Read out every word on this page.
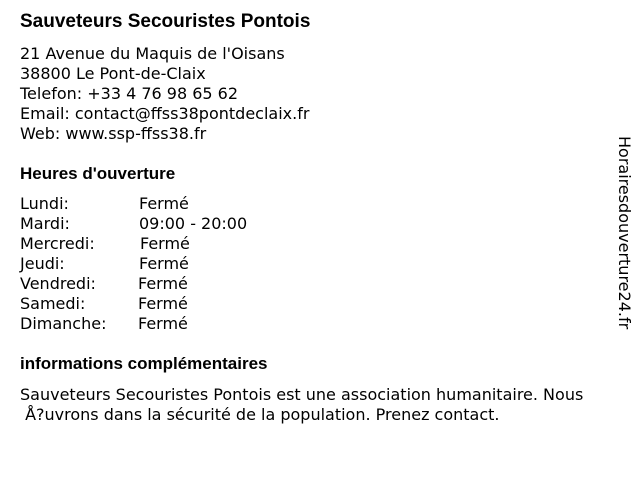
Sauveteurs Secouristes Pontois
21 Avenue du Maquis de l'Oisans
38800 Le Pont-de-Claix
Telefon: +33 4 76 98 65 62
Email: contact@ffss38pontdeclaix.fr
Web: www.ssp-ffss38.fr
Heures d'ouverture
Lundi:	Fermé
Mardi:	09:00 - 20:00
Mercredi:	Fermé
Jeudi:	Fermé
Vendredi:	Fermé
Samedi:	Fermé
Dimanche: Fermé
informations complémentaires
Sauveteurs Secouristes Pontois est une association humanitaire. Nous
Å?uvrons dans la sécurité de la population. Prenez contact.
Horairesdouverture24.fr
